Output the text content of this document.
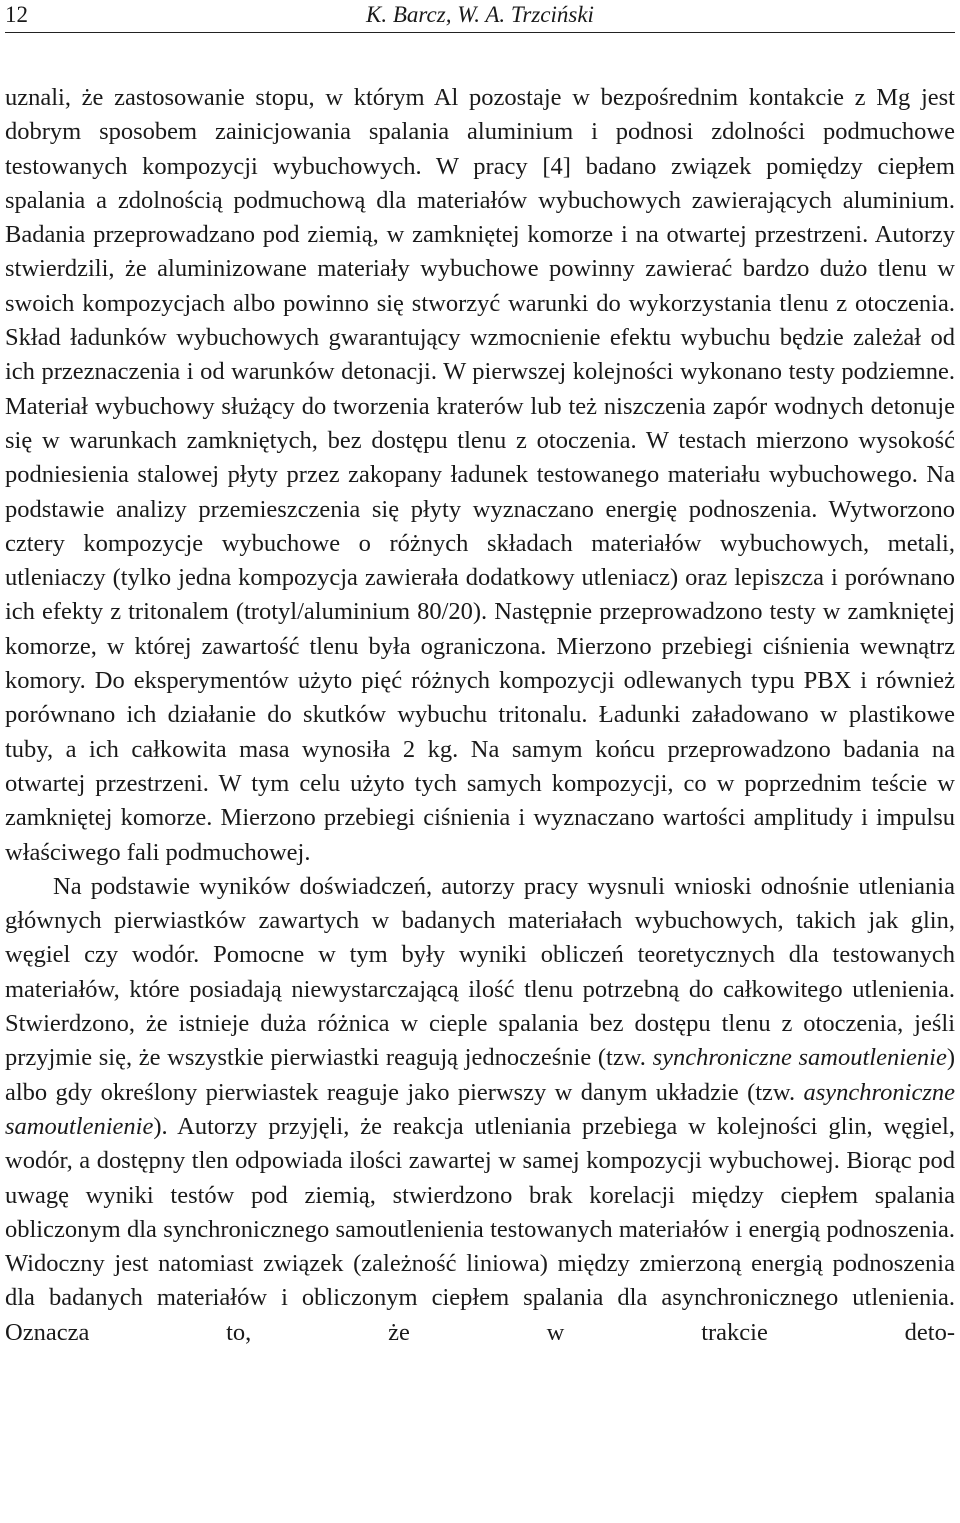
12	K. Barcz, W. A. Trzciński

uznali, że zastosowanie stopu, w którym Al pozostaje w bezpośrednim kontakcie z Mg jest dobrym sposobem zainicjowania spalania aluminium i podnosi zdolności podmuchowe testowanych kompozycji wybuchowych. W pracy [4] badano związek pomiędzy ciepłem spalania a zdolnością podmuchową dla materiałów wybuchowych zawierających aluminium. Badania przeprowadzano pod ziemią, w zamkniętej komorze i na otwartej przestrzeni. Autorzy stwierdzili, że aluminizowane materiały wybuchowe powinny zawierać bardzo dużo tlenu w swoich kompozycjach albo powinno się stworzyć warunki do wykorzystania tlenu z otoczenia. Skład ładunków wybuchowych gwarantujący wzmocnienie efektu wybuchu będzie zależał od ich przeznaczenia i od warunków detonacji. W pierwszej kolejności wykonano testy podziemne. Materiał wybuchowy służący do tworzenia kraterów lub też niszczenia zapór wodnych detonuje się w warunkach zamkniętych, bez dostępu tlenu z otoczenia. W testach mierzono wysokość podniesienia stalowej płyty przez zakopany ładunek testowanego materiału wybuchowego. Na podstawie analizy przemieszczenia się płyty wyznaczano energię podnoszenia. Wytworzono cztery kompozycje wybuchowe o różnych składach materiałów wybuchowych, metali, utleniaczy (tylko jedna kompozycja zawierała dodatkowy utleniacz) oraz lepiszcza i porównano ich efekty z tritonalem (trotyl/aluminium 80/20). Następnie przeprowadzono testy w zamkniętej komorze, w której zawartość tlenu była ograniczona. Mierzono przebiegi ciśnienia wewnątrz komory. Do eksperymentów użyto pięć różnych kompozycji odlewanych typu PBX i również porównano ich działanie do skutków wybuchu tritonalu. Ładunki załadowano w plastikowe tuby, a ich całkowita masa wynosiła 2 kg. Na samym końcu przeprowadzono badania na otwartej przestrzeni. W tym celu użyto tych samych kompozycji, co w poprzednim teście w zamkniętej komorze. Mierzono przebiegi ciśnienia i wyznaczano wartości amplitudy i impulsu właściwego fali podmuchowej.

Na podstawie wyników doświadczeń, autorzy pracy wysnuli wnioski odnośnie utleniania głównych pierwiastków zawartych w badanych materiałach wybuchowych, takich jak glin, węgiel czy wodór. Pomocne w tym były wyniki obliczeń teoretycznych dla testowanych materiałów, które posiadają niewystarczającą ilość tlenu potrzebną do całkowitego utlenienia. Stwierdzono, że istnieje duża różnica w cieple spalania bez dostępu tlenu z otoczenia, jeśli przyjmie się, że wszystkie pierwiastki reagują jednocześnie (tzw. synchroniczne samoutlenienie) albo gdy określony pierwiastek reaguje jako pierwszy w danym układzie (tzw. asynchroniczne samoutlenienie). Autorzy przyjęli, że reakcja utleniania przebiega w kolejności glin, węgiel, wodór, a dostępny tlen odpowiada ilości zawartej w samej kompozycji wybuchowej. Biorąc pod uwagę wyniki testów pod ziemią, stwierdzono brak korelacji między ciepłem spalania obliczonym dla synchronicznego samoutlenienia testowanych materiałów i energią podnoszenia. Widoczny jest natomiast związek (zależność liniowa) między zmierzoną energią podnoszenia dla badanych materiałów i obliczonym ciepłem spalania dla asynchronicznego utlenienia. Oznacza to, że w trakcie deto-
